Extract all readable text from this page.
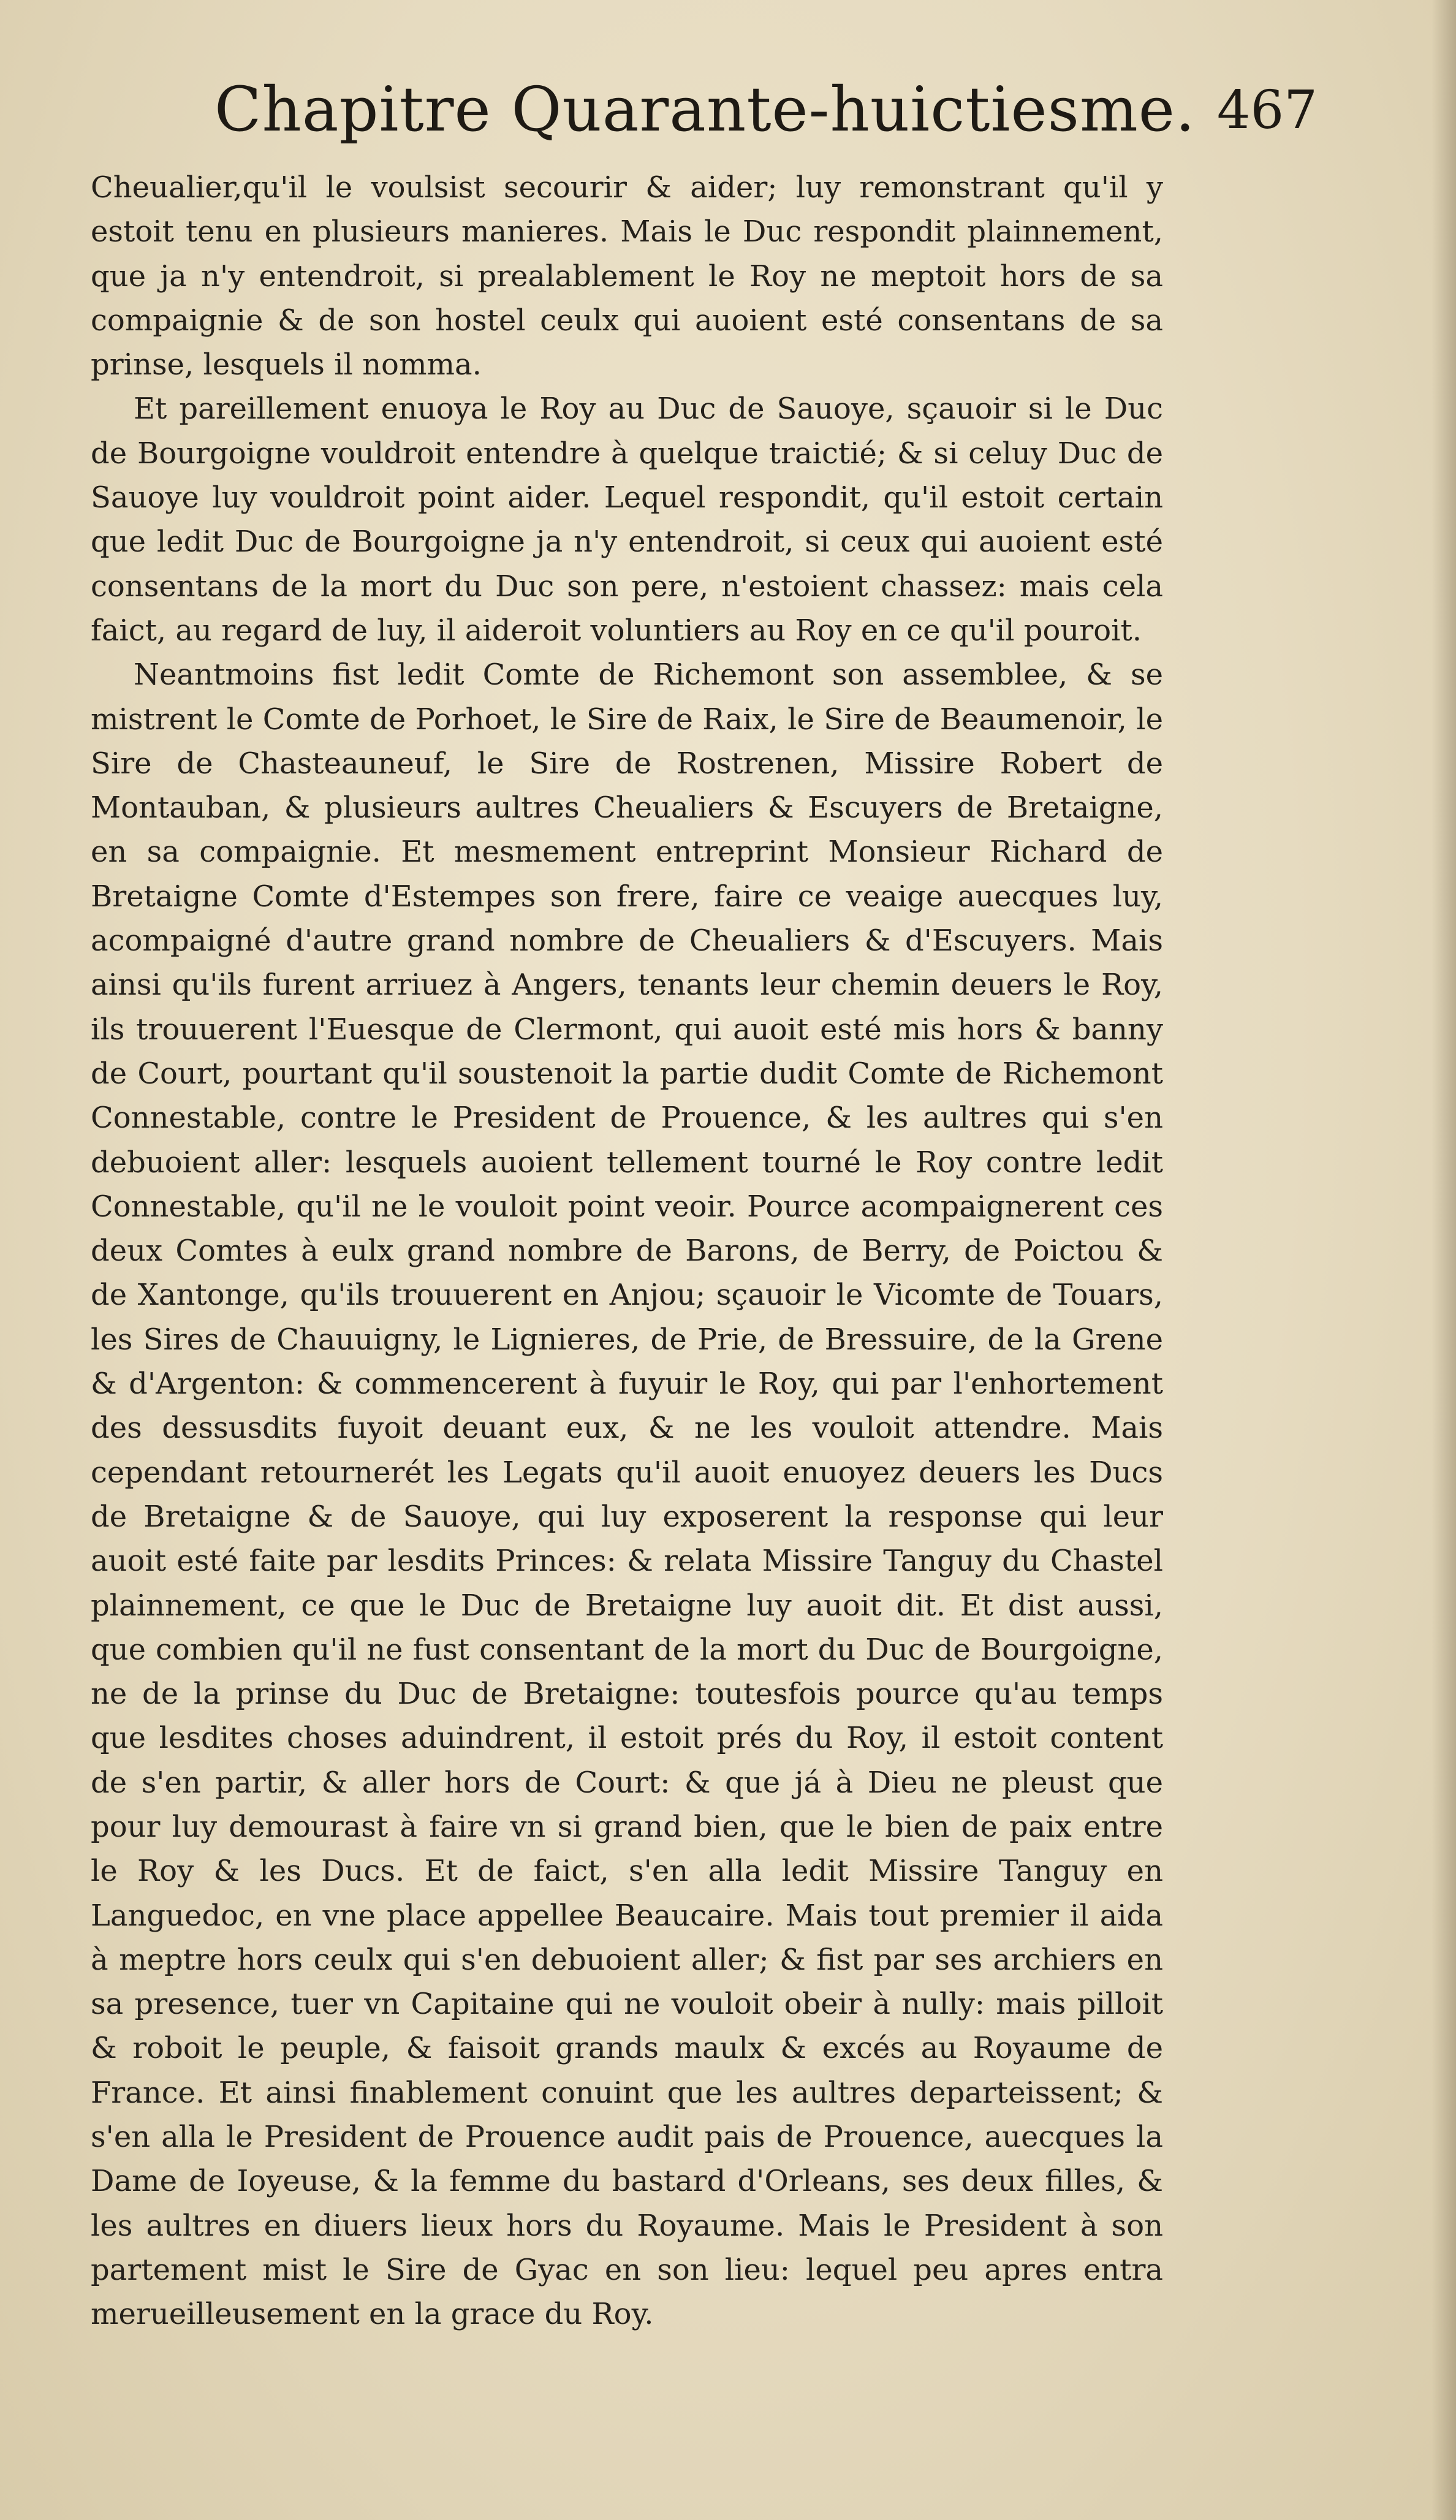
Chapitre Quarante-huictiesme. 467

Cheualier,qu'il le voulsist secourir & aider; luy remonstrant qu'il y estoit tenu en plusieurs manieres. Mais le Duc respondit plainnement, que ja n'y entendroit, si prealablement le Roy ne meptoit hors de sa compaignie & de son hostel ceulx qui auoient esté consentans de sa prinse, lesquels il nomma.

Et pareillement enuoya le Roy au Duc de Sauoye, sçauoir si le Duc de Bourgoigne vouldroit entendre à quelque traictié; & si celuy Duc de Sauoye luy vouldroit point aider. Lequel respondit, qu'il estoit certain que ledit Duc de Bourgoigne ja n'y entendroit, si ceux qui auoient esté consentans de la mort du Duc son pere, n'estoient chassez: mais cela faict, au regard de luy, il aideroit voluntiers au Roy en ce qu'il pouroit.

Neantmoins fist ledit Comte de Richemont son assemblee, & se mistrent le Comte de Porhoet, le Sire de Raix, le Sire de Beaumenoir, le Sire de Chasteauneuf, le Sire de Rostrenen, Missire Robert de Montauban, & plusieurs aultres Cheualiers & Escuyers de Bretaigne, en sa compaignie. Et mesmement entreprint Monsieur Richard de Bretaigne Comte d'Estempes son frere, faire ce veaige auecques luy, acompaigné d'autre grand nombre de Cheualiers & d'Escuyers. Mais ainsi qu'ils furent arriuez à Angers, tenants leur chemin deuers le Roy, ils trouuerent l'Euesque de Clermont, qui auoit esté mis hors & banny de Court, pourtant qu'il soustenoit la partie dudit Comte de Richemont Connestable, contre le President de Prouence, & les aultres qui s'en debuoient aller: lesquels auoient tellement tourné le Roy contre ledit Connestable, qu'il ne le vouloit point veoir. Pource acompaignerent ces deux Comtes à eulx grand nombre de Barons, de Berry, de Poictou & de Xantonge, qu'ils trouuerent en Anjou; sçauoir le Vicomte de Touars, les Sires de Chauuigny, le Lignieres, de Prie, de Bressuire, de la Grene & d'Argenton: & commencerent à fuyuir le Roy, qui par l'enhortement des dessusdits fuyoit deuant eux, & ne les vouloit attendre. Mais cependant retournerét les Legats qu'il auoit enuoyez deuers les Ducs de Bretaigne & de Sauoye, qui luy exposerent la response qui leur auoit esté faite par lesdits Princes: & relata Missire Tanguy du Chastel plainnement, ce que le Duc de Bretaigne luy auoit dit. Et dist aussi, que combien qu'il ne fust consentant de la mort du Duc de Bourgoigne, ne de la prinse du Duc de Bretaigne: toutesfois pource qu'au temps que lesdites choses aduindrent, il estoit prés du Roy, il estoit content de s'en partir, & aller hors de Court: & que já à Dieu ne pleust que pour luy demourast à faire vn si grand bien, que le bien de paix entre le Roy & les Ducs. Et de faict, s'en alla ledit Missire Tanguy en Languedoc, en vne place appellee Beaucaire. Mais tout premier il aida à meptre hors ceulx qui s'en debuoient aller; & fist par ses archiers en sa presence, tuer vn Capitaine qui ne vouloit obeir à nully: mais pilloit & roboit le peuple, & faisoit grands maulx & excés au Royaume de France. Et ainsi finablement conuint que les aultres departeissent; & s'en alla le President de Prouence audit pais de Prouence, auecques la Dame de Ioyeuse, & la femme du bastard d'Orleans, ses deux filles, & les aultres en diuers lieux hors du Royaume. Mais le President à son partement mist le Sire de Gyac en son lieu: lequel peu apres entra merueilleusement en la grace du Roy.
